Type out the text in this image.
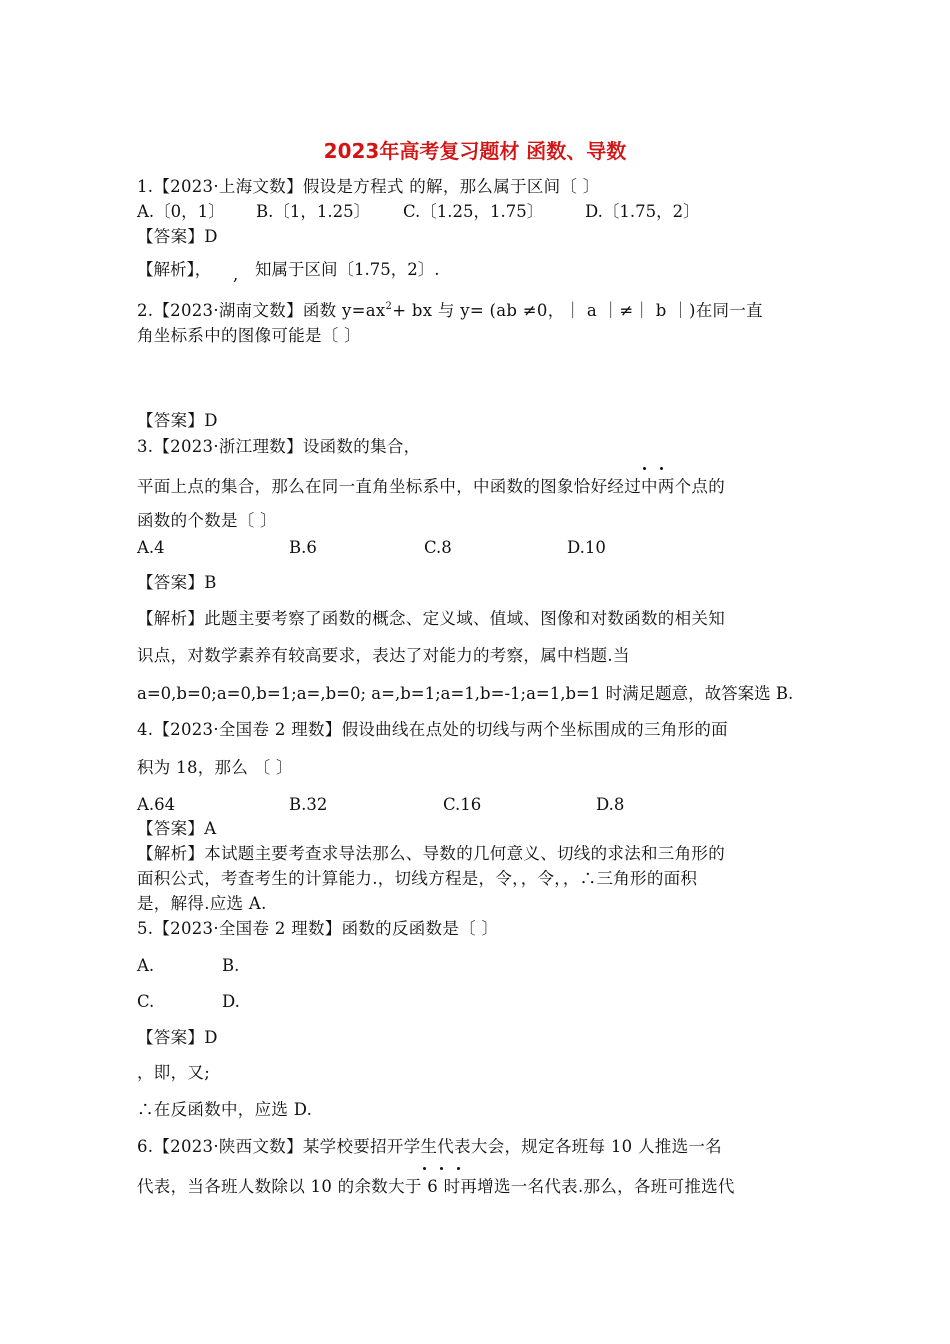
2023年高考复习题材 函数、导数
1.【2023·上海文数】假设是方程式 的解，那么属于区间〔 〕
A.〔0，1〕 B.〔1，1.25〕 C.〔1.25，1.75〕	D.〔1.75，2〕
【答案】D
【解析】， , 知属于区间〔1.75，2〕.
2.【2023·湖南文数】函数 $y=ax^2+$ bx 与 y= (ab ≠0，｜ a ｜≠｜ b ｜)在同一直
角坐标系中的图像可能是〔 〕
【答案】D
3.【2023·浙江理数】设函数的集合，
平面上点的集合，那么在同一直角坐标系中，中函数的图象恰好经过中两个点的
函数的个数是〔 〕
A.4	B.6	C.8	D.10
【答案】B
【解析】此题主要考察了函数的概念、定义域、值域、图像和对数函数的相关知
识点，对数学素养有较高要求，表达了对能力的考察，属中档题.当
a=0,b=0;a=0,b=1;a=,b=0; a=,b=1;a=1,b=-1;a=1,b=1 时满足题意，故答案选 B.
4.【2023·全国卷 2 理数】假设曲线在点处的切线与两个坐标围成的三角形的面
积为 18，那么 〔 〕
A.64	B.32	C.16	D.8
【答案】A
【解析】本试题主要考查求导法那么、导数的几何意义、切线的求法和三角形的
面积公式，考查考生的计算能力.，切线方程是，令，，令，，∴三角形的面积
是，解得.应选 A.
5.【2023·全国卷 2 理数】函数的反函数是〔 〕
A.	B.
C.	D.
【答案】D
，即，又;
∴在反函数中，应选 D.
6.【2023·陕西文数】某学校要招开学生代表大会，规定各班每 10 人推选一名
代表，当各班人数除以 10 的余数大于 6 时再增选一名代表.那么，各班可推选代
